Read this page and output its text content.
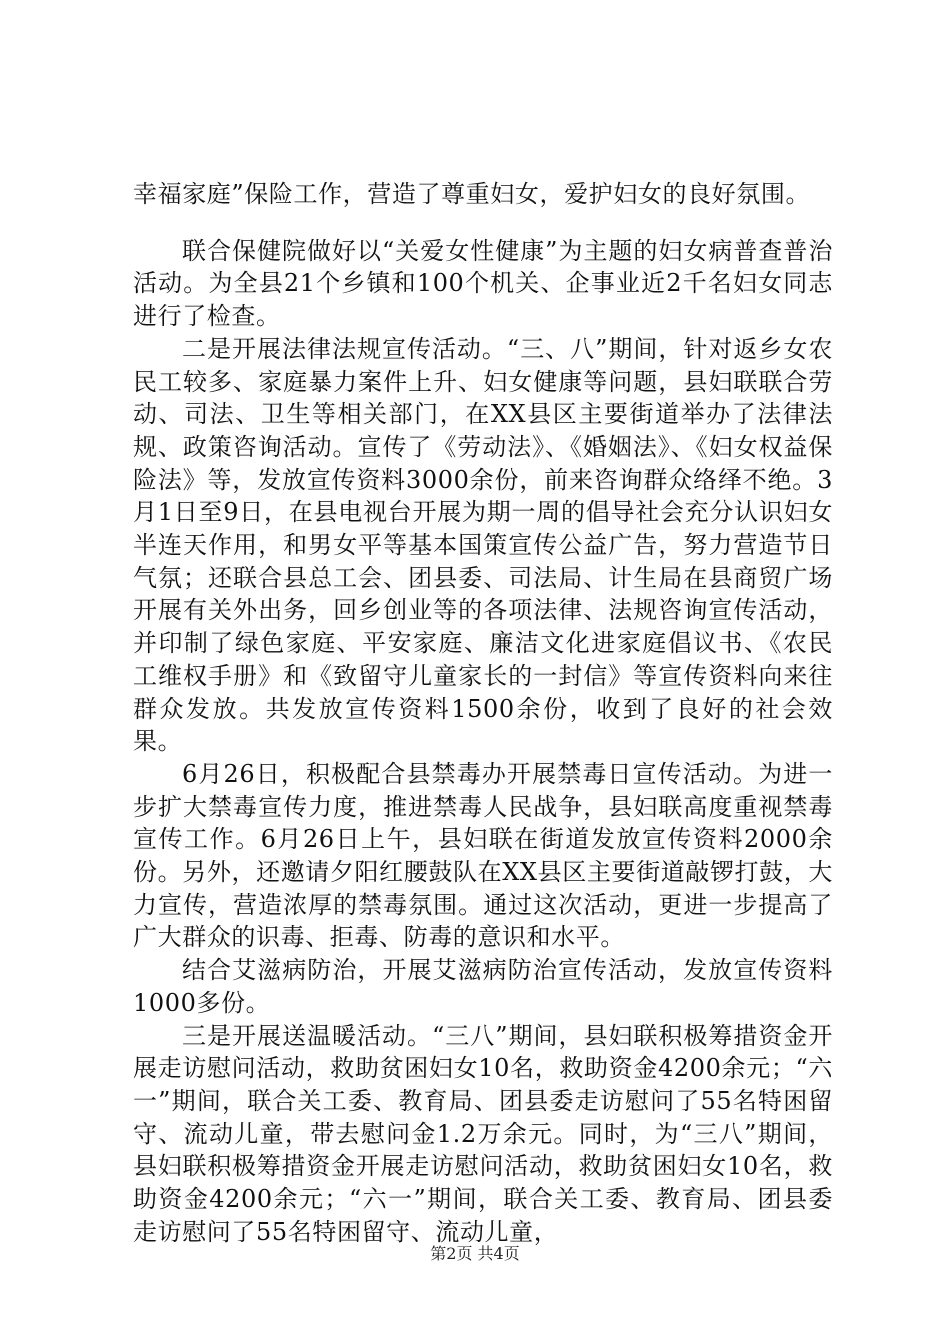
幸福家庭”保险工作，营造了尊重妇女，爱护妇女的良好氛围。

联合保健院做好以“关爱女性健康”为主题的妇女病普查普治活动。为全县21个乡镇和100个机关、企事业近2千名妇女同志进行了检查。

二是开展法律法规宣传活动。“三、八”期间，针对返乡女农民工较多、家庭暴力案件上升、妇女健康等问题，县妇联联合劳动、司法、卫生等相关部门，在XX县区主要街道举办了法律法规、政策咨询活动。宣传了《劳动法》、《婚姻法》、《妇女权益保险法》等，发放宣传资料3000余份，前来咨询群众络绎不绝。3月1日至9日，在县电视台开展为期一周的倡导社会充分认识妇女半连天作用，和男女平等基本国策宣传公益广告，努力营造节日气氛；还联合县总工会、团县委、司法局、计生局在县商贸广场开展有关外出务，回乡创业等的各项法律、法规咨询宣传活动，并印制了绿色家庭、平安家庭、廉洁文化进家庭倡议书、《农民工维权手册》和《致留守儿童家长的一封信》等宣传资料向来往群众发放。共发放宣传资料1500余份，收到了良好的社会效果。

6月26日，积极配合县禁毒办开展禁毒日宣传活动。为进一步扩大禁毒宣传力度，推进禁毒人民战争，县妇联高度重视禁毒宣传工作。6月26日上午，县妇联在街道发放宣传资料2000余份。另外，还邀请夕阳红腰鼓队在XX县区主要街道敲锣打鼓，大力宣传，营造浓厚的禁毒氛围。通过这次活动，更进一步提高了广大群众的识毒、拒毒、防毒的意识和水平。

结合艾滋病防治，开展艾滋病防治宣传活动，发放宣传资料1000多份。

三是开展送温暖活动。“三八”期间，县妇联积极筹措资金开展走访慰问活动，救助贫困妇女10名，救助资金4200余元；“六一”期间，联合关工委、教育局、团县委走访慰问了55名特困留守、流动儿童，带去慰问金1.2万余元。同时，为“三八”期间，县妇联积极筹措资金开展走访慰问活动，救助贫困妇女10名，救助资金4200余元；“六一”期间，联合关工委、教育局、团县委走访慰问了55名特困留守、流动儿童，

第2页 共4页
